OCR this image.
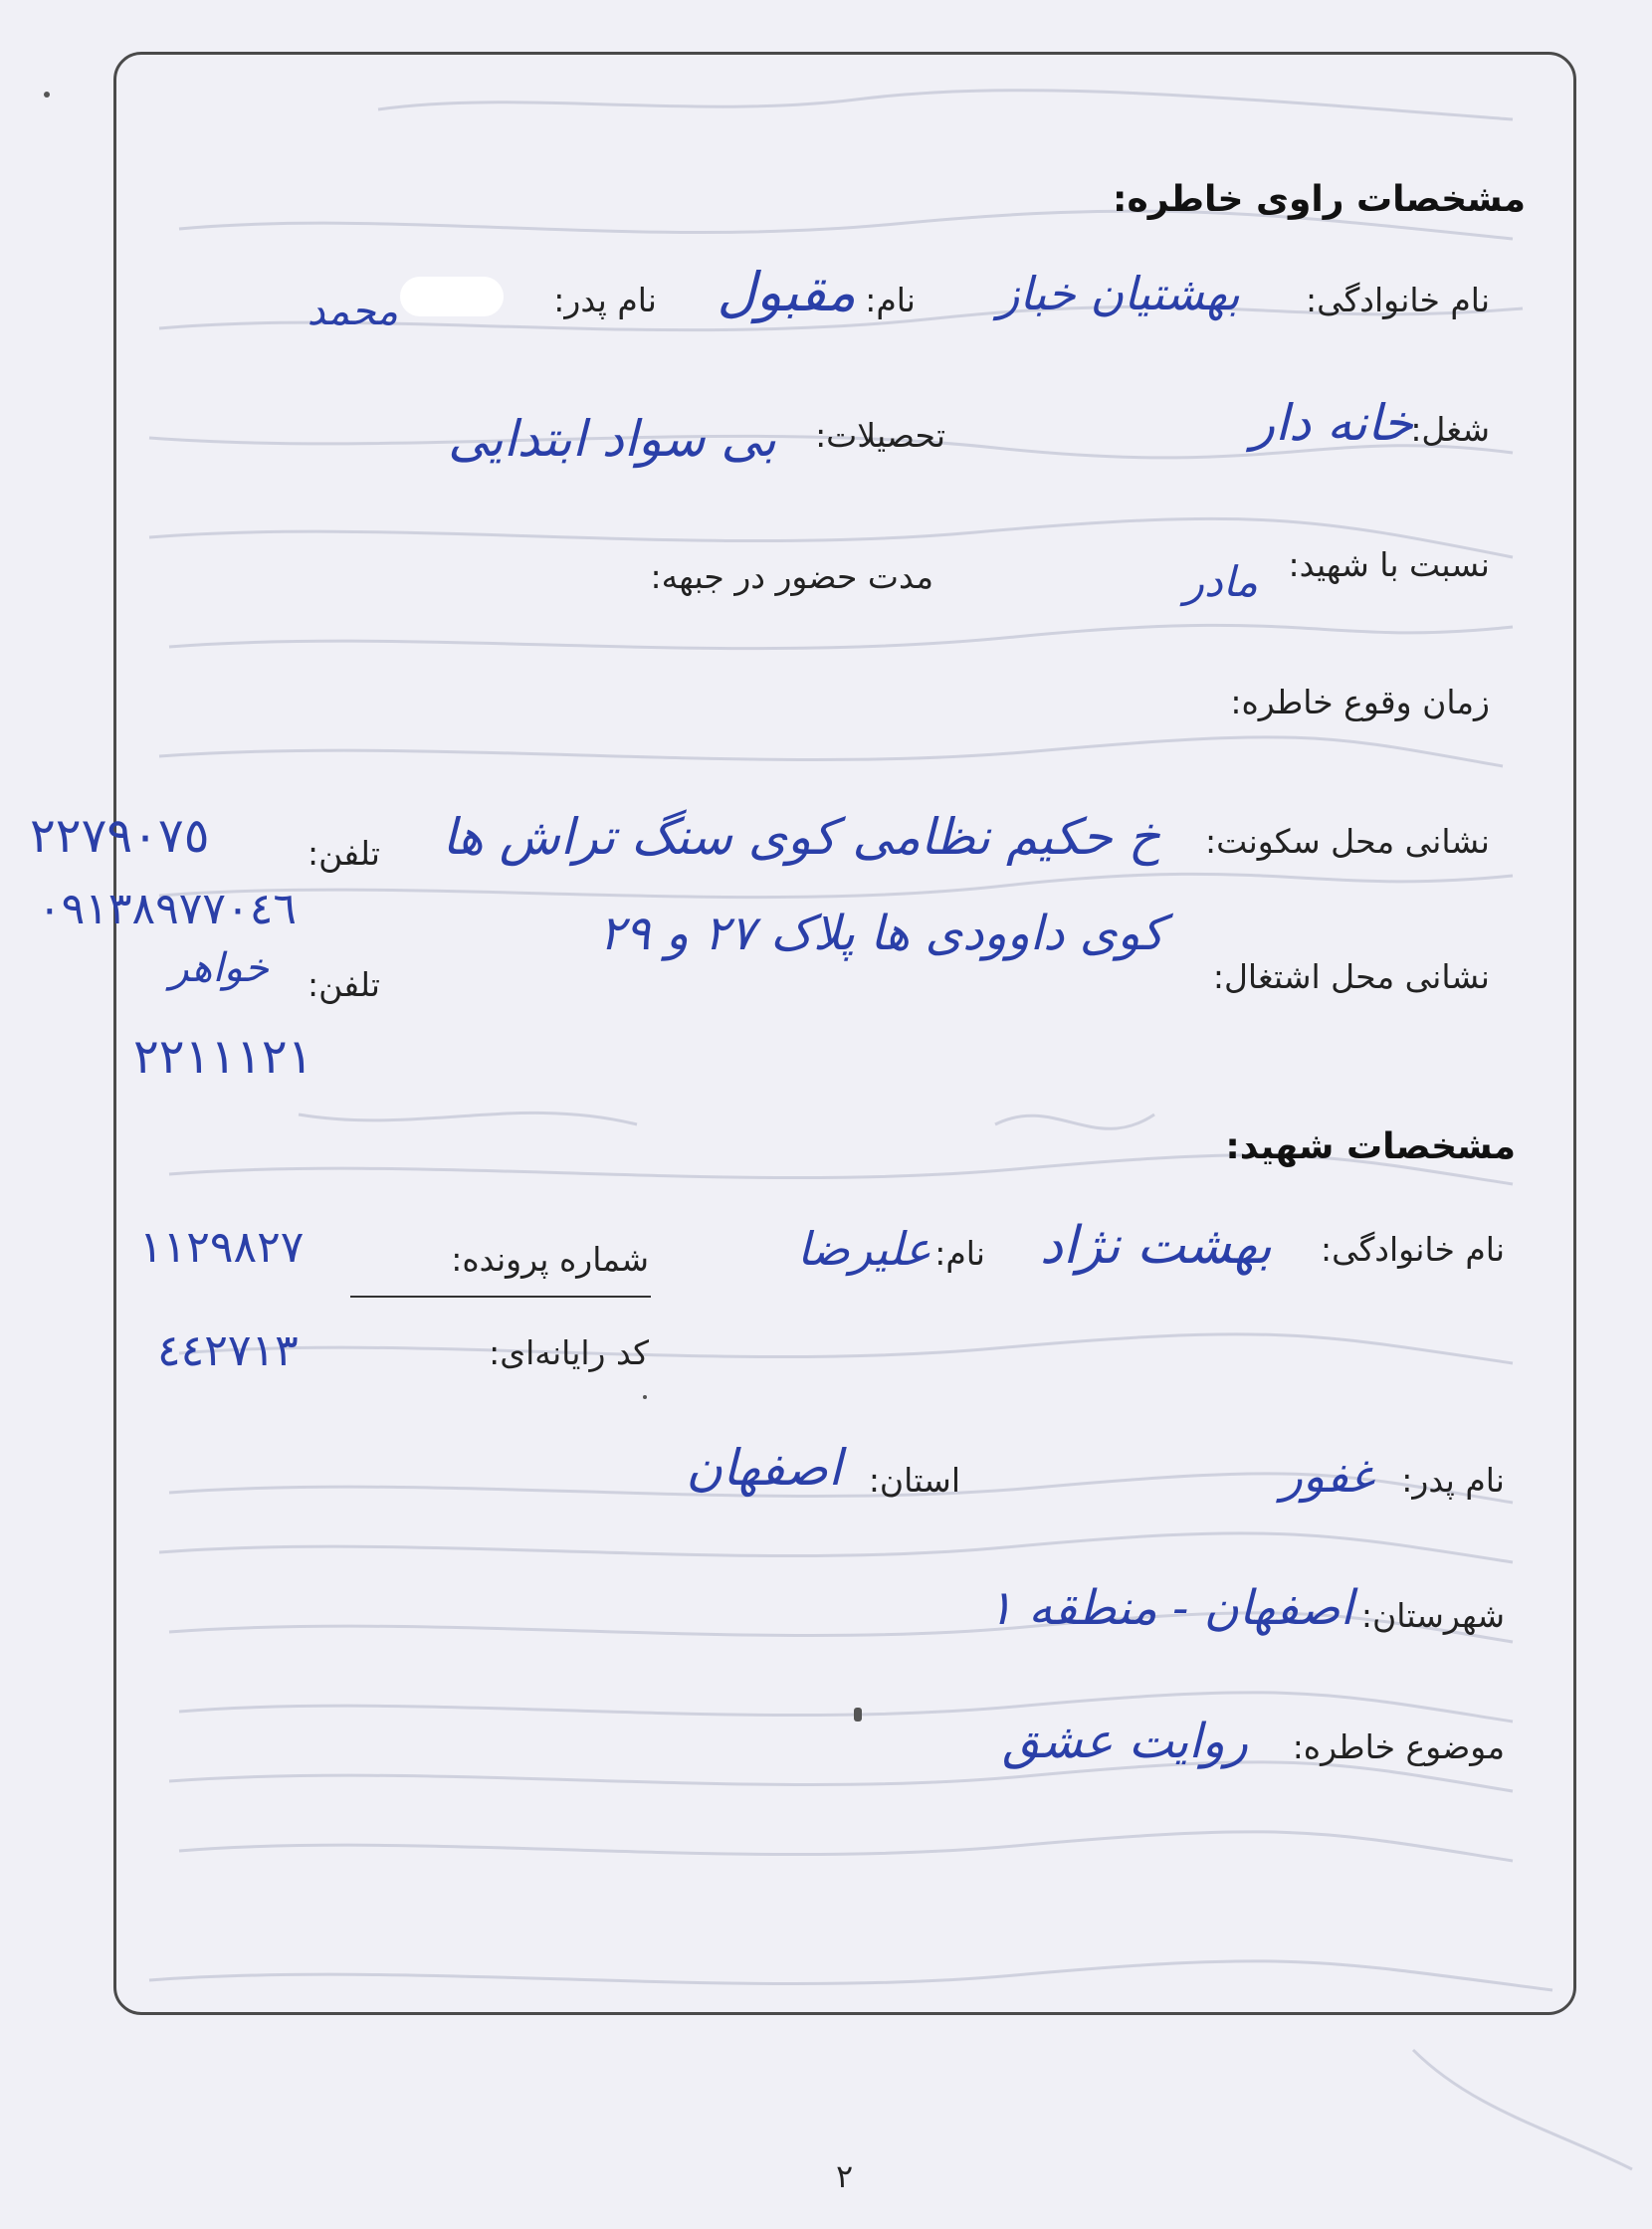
مشخصات راوی خاطره:
نام خانوادگی:
بهشتیان خباز
نام:
مقبول
نام پدر:
محمد
شغل:
خانه دار
تحصیلات:
بی سواد ابتدایی
نسبت با شهید:
مادر
مدت حضور در جبهه:
زمان وقوع خاطره:
نشانی محل سکونت:
خ حکیم نظامی کوی سنگ تراش ها
تلفن:
٢٢٧٩٠٧٥
٠٩١٣٨٩٧٧٠٤٦
نشانی محل اشتغال:
کوی داوودی ها پلاک ۲۷ و ۲۹
خواهر تلفن:
٢٢١١١٢١
مشخصات شهید:
نام خانوادگی:
بهشت نژاد
نام:
علیرضا
شماره پرونده:
١١٢٩٨٢٧
کد رایانه‌ای:
٤٤٢٧١٣
نام پدر:
غفور
استان:
اصفهان
شهرستان:
اصفهان - منطقه ١
موضوع خاطره:
روایت عشق
۲
